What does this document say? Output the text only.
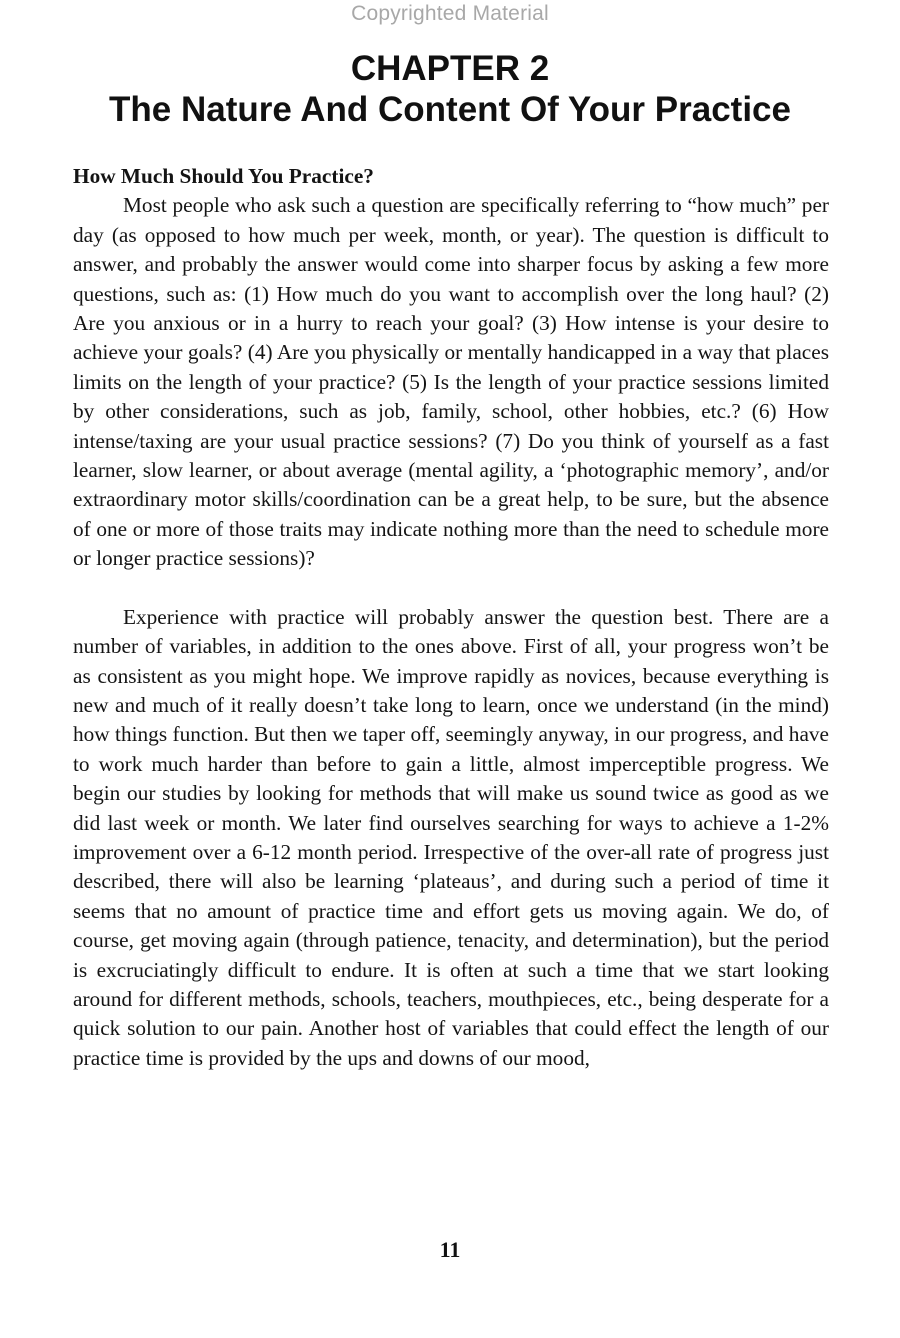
Copyrighted Material
CHAPTER 2
The Nature And Content Of Your Practice
How Much Should You Practice?

Most people who ask such a question are specifically referring to “how much” per day (as opposed to how much per week, month, or year). The question is difficult to answer, and probably the answer would come into sharper focus by asking a few more questions, such as: (1) How much do you want to accomplish over the long haul? (2) Are you anxious or in a hurry to reach your goal? (3) How intense is your desire to achieve your goals? (4) Are you physically or mentally handicapped in a way that places limits on the length of your practice? (5) Is the length of your practice sessions limited by other considerations, such as job, family, school, other hobbies, etc.? (6) How intense/taxing are your usual practice sessions? (7) Do you think of yourself as a fast learner, slow learner, or about average (mental agility, a ‘photographic memory’, and/or extraordinary motor skills/coordination can be a great help, to be sure, but the absence of one or more of those traits may indicate nothing more than the need to schedule more or longer practice sessions)?

Experience with practice will probably answer the question best. There are a number of variables, in addition to the ones above. First of all, your progress won’t be as consistent as you might hope. We improve rapidly as novices, because everything is new and much of it really doesn’t take long to learn, once we understand (in the mind) how things function. But then we taper off, seemingly anyway, in our progress, and have to work much harder than before to gain a little, almost imperceptible progress. We begin our studies by looking for methods that will make us sound twice as good as we did last week or month. We later find ourselves searching for ways to achieve a 1-2% improvement over a 6-12 month period. Irrespective of the over-all rate of progress just described, there will also be learning ‘plateaus’, and during such a period of time it seems that no amount of practice time and effort gets us moving again. We do, of course, get moving again (through patience, tenacity, and determination), but the period is excruciatingly difficult to endure. It is often at such a time that we start looking around for different methods, schools, teachers, mouthpieces, etc., being desperate for a quick solution to our pain. Another host of variables that could effect the length of our practice time is provided by the ups and downs of our mood,

11
